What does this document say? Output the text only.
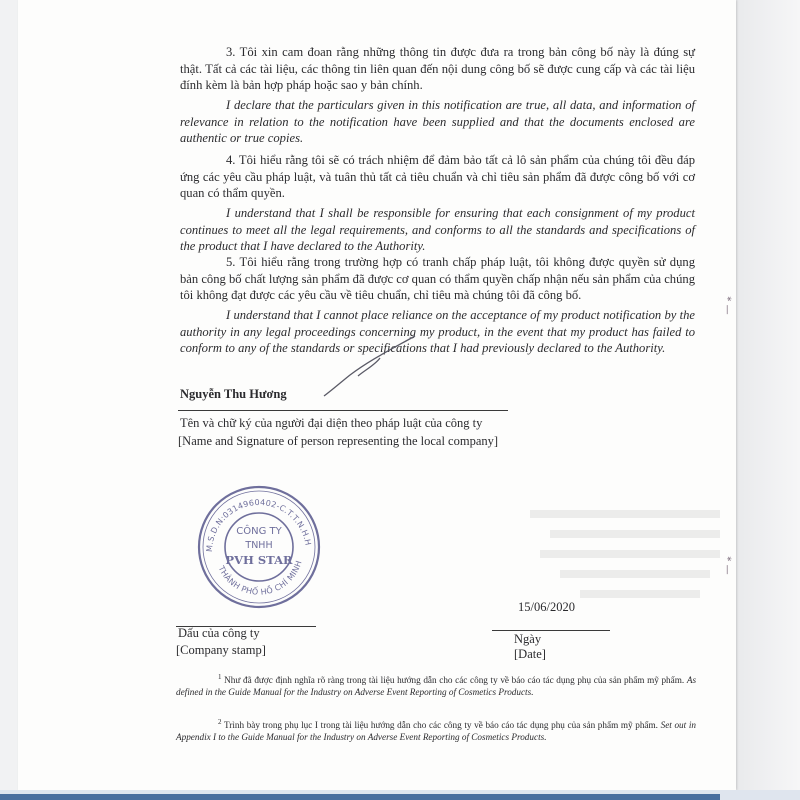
3. Tôi xin cam đoan rằng những thông tin được đưa ra trong bản công bố này là đúng sự thật. Tất cả các tài liệu, các thông tin liên quan đến nội dung công bố sẽ được cung cấp và các tài liệu đính kèm là bản hợp pháp hoặc sao y bản chính.
I declare that the particulars given in this notification are true, all data, and information of relevance in relation to the notification have been supplied and that the documents enclosed are authentic or true copies.
4. Tôi hiểu rằng tôi sẽ có trách nhiệm để đảm bảo tất cả lô sản phẩm của chúng tôi đều đáp ứng các yêu cầu pháp luật, và tuân thủ tất cả tiêu chuẩn và chỉ tiêu sản phẩm đã được công bố với cơ quan có thẩm quyền.
I understand that I shall be responsible for ensuring that each consignment of my product continues to meet all the legal requirements, and conforms to all the standards and specifications of the product that I have declared to the Authority.
5. Tôi hiểu rằng trong trường hợp có tranh chấp pháp luật, tôi không được quyền sử dụng bản công bố chất lượng sản phẩm đã được cơ quan có thẩm quyền chấp nhận nếu sản phẩm của chúng tôi không đạt được các yêu cầu về tiêu chuẩn, chỉ tiêu mà chúng tôi đã công bố.
I understand that I cannot place reliance on the acceptance of my product notification by the authority in any legal proceedings concerning my product, in the event that my product has failed to conform to any of the standards or specifications that I had previously declared to the Authority.
Nguyễn Thu Hương
Tên và chữ ký của người đại diện theo pháp luật của công ty
[Name and Signature of person representing the local company]
M.S.D.N:0314960402-C.T.T.N.H.H
THÀNH PHỐ HỒ CHÍ MINH
CÔNG TY
TNHH
PVH STAR
15/06/2020
Dấu của công ty
[Company stamp]
Ngày
[Date]
$^1$ Như đã được định nghĩa rõ ràng trong tài liệu hướng dẫn cho các công ty về báo cáo tác dụng phụ của sản phẩm mỹ phẩm. As defined in the Guide Manual for the Industry on Adverse Event Reporting of Cosmetics Products.
$^2$ Trình bày trong phụ lục I trong tài liệu hướng dẫn cho các công ty về báo cáo tác dụng phụ của sản phẩm mỹ phẩm. Set out in Appendix I to the Guide Manual for the Industry on Adverse Event Reporting of Cosmetics Products.
* —
* —
